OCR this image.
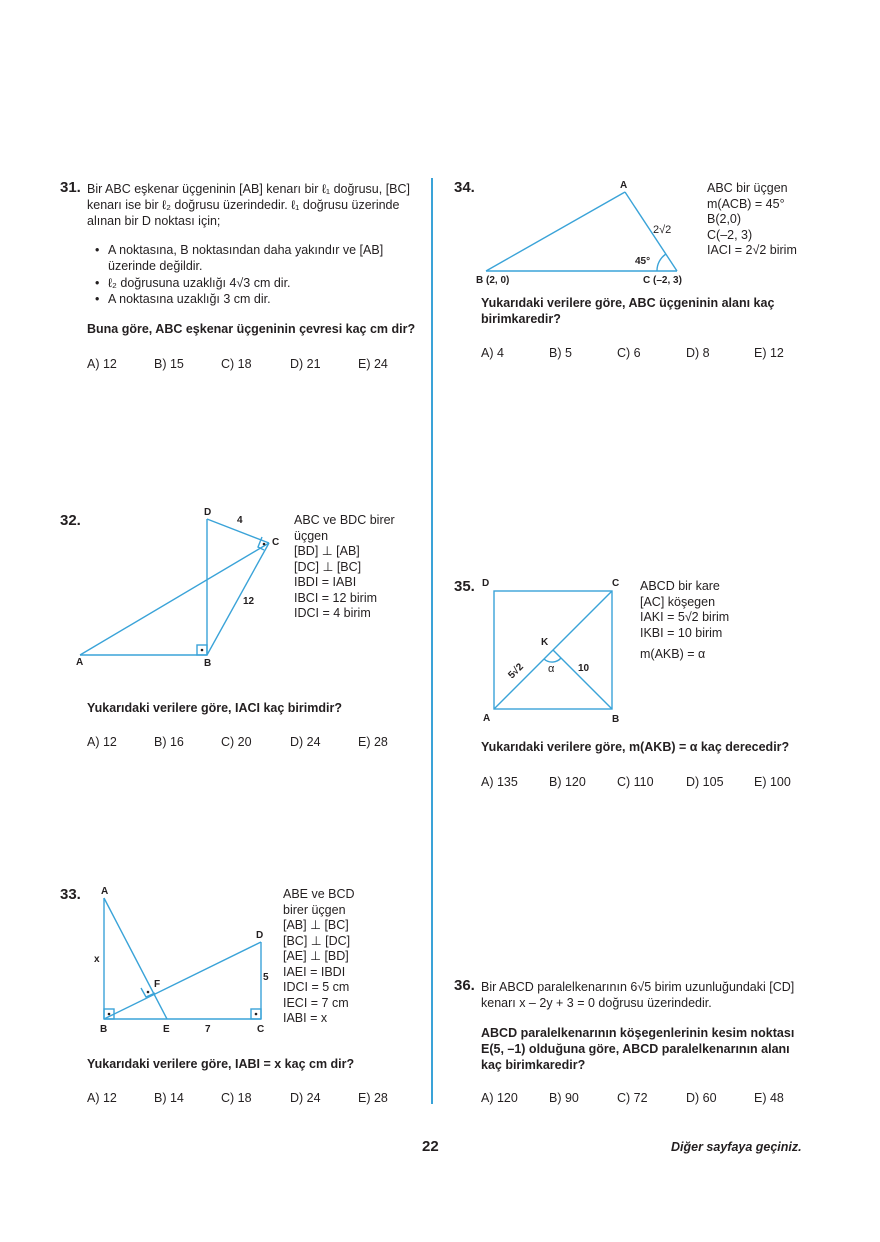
31. Bir ABC eşkenar üçgeninin [AB] kenarı bir ℓ₁ doğrusu, [BC]
kenarı ise bir ℓ₂ doğrusu üzerindedir. ℓ₁ doğrusu üzerinde
alınan bir D noktası için;
• A noktasına, B noktasından daha yakındır ve [AB]
üzerinde değildir.
• ℓ₂ doğrusuna uzaklığı 4√3 cm dir.
• A noktasına uzaklığı 3 cm dir.
Buna göre, ABC eşkenar üçgeninin çevresi kaç cm dir?
A) 12	B) 15	C) 18	D) 21	E) 24
32.
A	B
C
D
4
12
ABC ve BDC birer
üçgen
[BD] ⊥ [AB]
[DC] ⊥ [BC]
IBDI = IABI
IBCI = 12 birim
IDCI = 4 birim
Yukarıdaki verilere göre, IACI kaç birimdir?
A) 12	B) 16	C) 20	D) 24	E) 28
33. A
B	C
D
E
F
x
5
7
ABE ve BCD
birer üçgen
[AB] ⊥ [BC]
[BC] ⊥ [DC]
[AE] ⊥ [BD]
IAEI = IBDI
IDCI = 5 cm
IECI = 7 cm
IABI = x
Yukarıdaki verilere göre, IABI = x kaç cm dir?
A) 12	B) 14	C) 18	D) 24	E) 28
34.	A
B (2, 0)	C (–2, 3)
2√2
45°
ABC bir üçgen
m(ACB) = 45°
B(2,0)
C(–2, 3)
IACI = 2√2 birim
Yukarıdaki verilere göre, ABC üçgeninin alanı kaç
birimkaredir?
A) 4	B) 5	C) 6	D) 8	E) 12
35. D	C
A	B
K
α 10
5√2
ABCD bir kare
[AC] köşegen
IAKI = 5√2 birim
IKBI = 10 birim
m(AKB) = α
Yukarıdaki verilere göre, m(AKB) = α kaç derecedir?
A) 135 B) 120 C) 110	D) 105 E) 100
36. Bir ABCD paralelkenarının 6√5 birim uzunluğundaki [CD]
kenarı x – 2y + 3 = 0 doğrusu üzerindedir.
ABCD paralelkenarının köşegenlerinin kesim noktası
E(5, –1) olduğuna göre, ABCD paralelkenarının alanı
kaç birimkaredir?
A) 120 B) 90	C) 72	D) 60	E) 48
22	Diğer sayfaya geçiniz.
